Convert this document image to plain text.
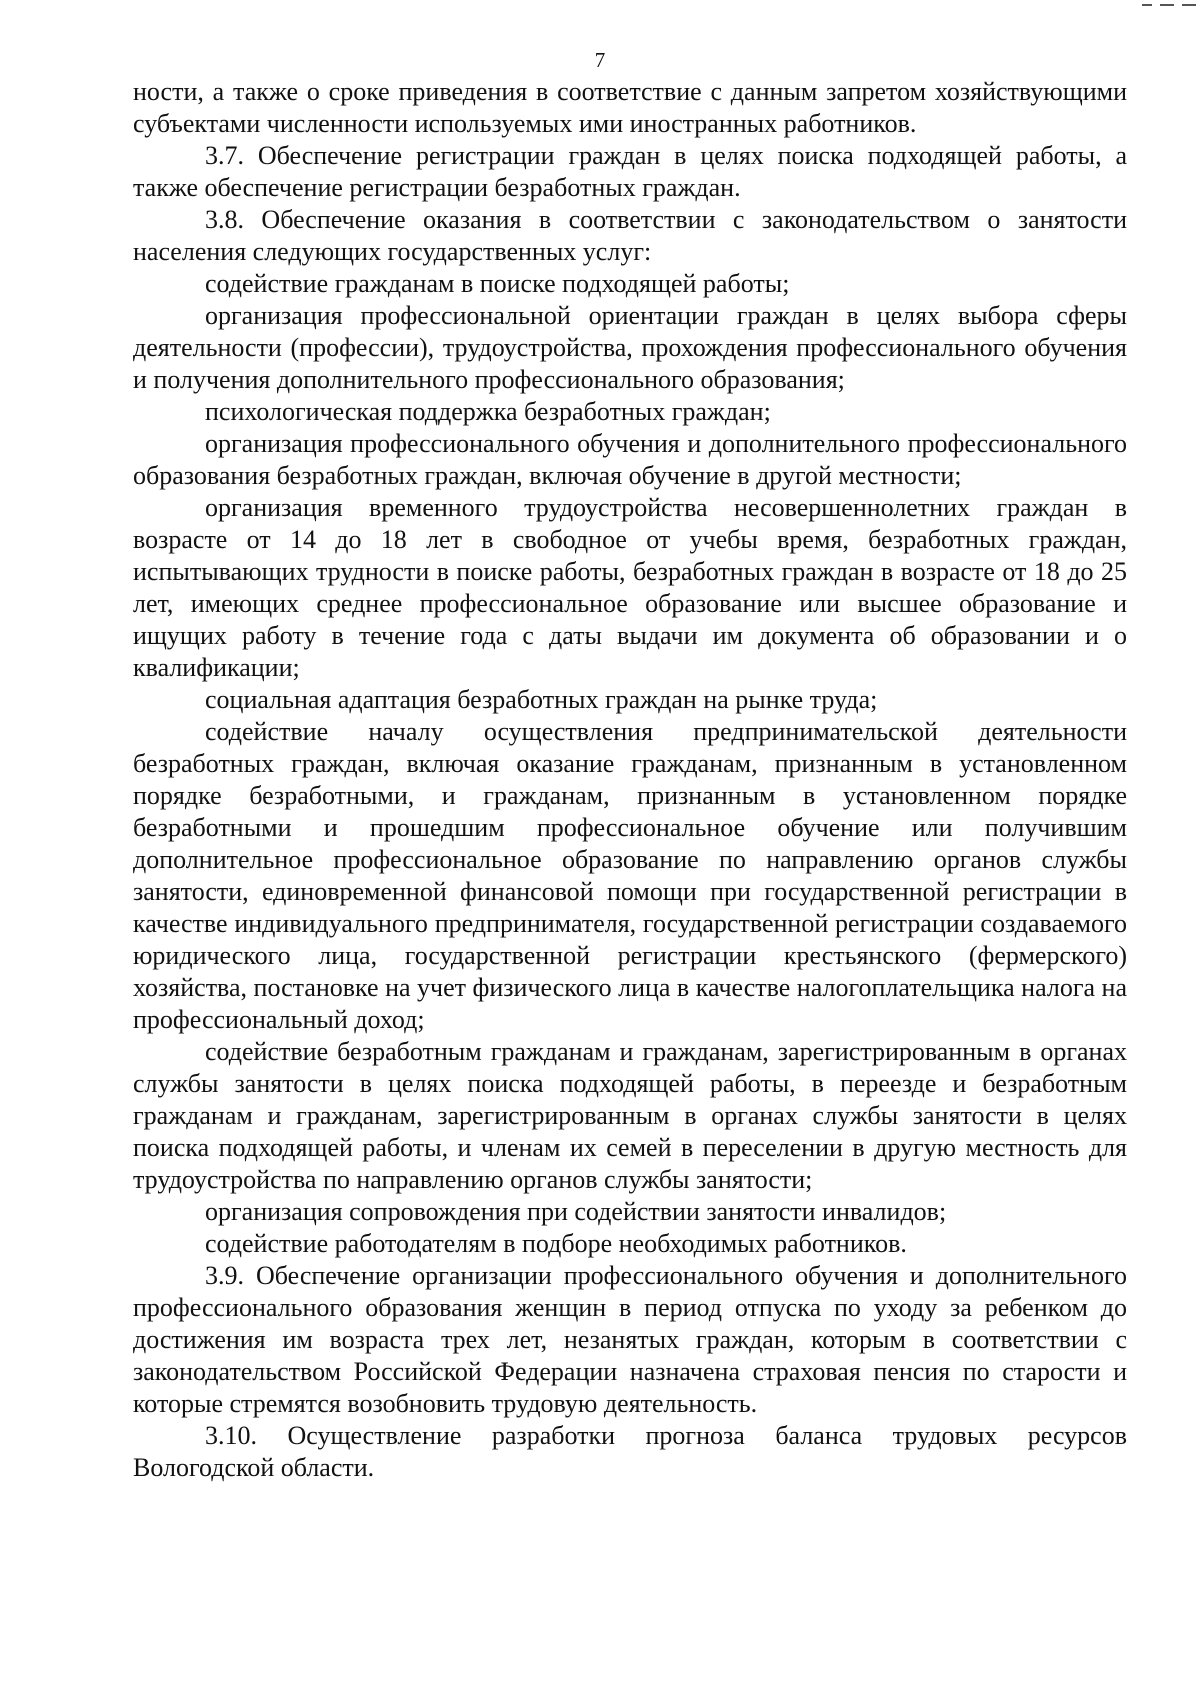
7

ности, а также о сроке приведения в соответствие с данным запретом хозяйствующими субъектами численности используемых ими иностранных работников.

3.7. Обеспечение регистрации граждан в целях поиска подходящей работы, а также обеспечение регистрации безработных граждан.

3.8. Обеспечение оказания в соответствии с законодательством о занятости населения следующих государственных услуг:

содействие гражданам в поиске подходящей работы;

организация профессиональной ориентации граждан в целях выбора сферы деятельности (профессии), трудоустройства, прохождения профессионального обучения и получения дополнительного профессионального образования;

психологическая поддержка безработных граждан;

организация профессионального обучения и дополнительного профессионального образования безработных граждан, включая обучение в другой местности;

организация временного трудоустройства несовершеннолетних граждан в возрасте от 14 до 18 лет в свободное от учебы время, безработных граждан, испытывающих трудности в поиске работы, безработных граждан в возрасте от 18 до 25 лет, имеющих среднее профессиональное образование или высшее образование и ищущих работу в течение года с даты выдачи им документа об образовании и о квалификации;

социальная адаптация безработных граждан на рынке труда;

содействие началу осуществления предпринимательской деятельности безработных граждан, включая оказание гражданам, признанным в установленном порядке безработными, и гражданам, признанным в установленном порядке безработными и прошедшим профессиональное обучение или получившим дополнительное профессиональное образование по направлению органов службы занятости, единовременной финансовой помощи при государственной регистрации в качестве индивидуального предпринимателя, государственной регистрации создаваемого юридического лица, государственной регистрации крестьянского (фермерского) хозяйства, постановке на учет физического лица в качестве налогоплательщика налога на профессиональный доход;

содействие безработным гражданам и гражданам, зарегистрированным в органах службы занятости в целях поиска подходящей работы, в переезде и безработным гражданам и гражданам, зарегистрированным в органах службы занятости в целях поиска подходящей работы, и членам их семей в переселении в другую местность для трудоустройства по направлению органов службы занятости;

организация сопровождения при содействии занятости инвалидов;

содействие работодателям в подборе необходимых работников.

3.9. Обеспечение организации профессионального обучения и дополнительного профессионального образования женщин в период отпуска по уходу за ребенком до достижения им возраста трех лет, незанятых граждан, которым в соответствии с законодательством Российской Федерации назначена страховая пенсия по старости и которые стремятся возобновить трудовую деятельность.

3.10. Осуществление разработки прогноза баланса трудовых ресурсов Вологодской области.
